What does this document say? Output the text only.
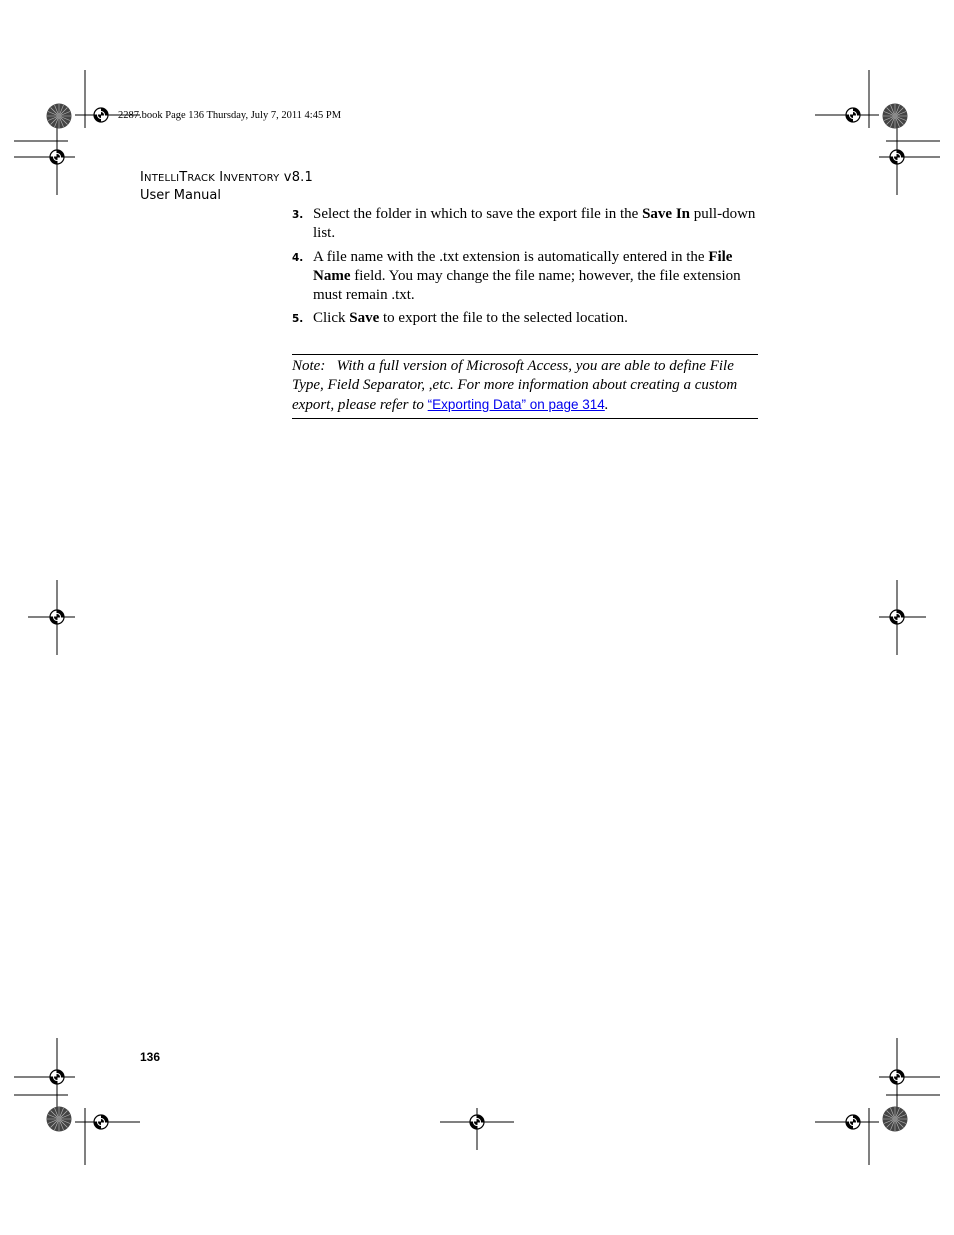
2287.book Page 136 Thursday, July 7, 2011 4:45 PM
INTELLITRACK INVENTORY v8.1
User Manual
3. Select the folder in which to save the export file in the Save In pull-down list.
4. A file name with the .txt extension is automatically entered in the File Name field. You may change the file name; however, the file extension must remain .txt.
5. Click Save to export the file to the selected location.
Note: With a full version of Microsoft Access, you are able to define File Type, Field Separator, ,etc. For more information about creating a custom export, please refer to “Exporting Data” on page 314.
136
